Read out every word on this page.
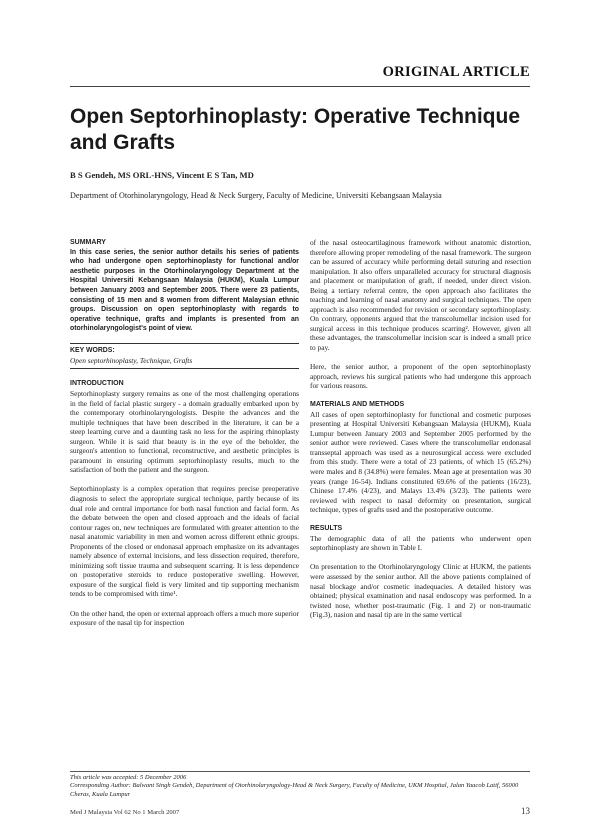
ORIGINAL ARTICLE
Open Septorhinoplasty: Operative Technique and Grafts
B S Gendeh, MS ORL-HNS, Vincent E S Tan, MD
Department of Otorhinolaryngology, Head & Neck Surgery, Faculty of Medicine, Universiti Kebangsaan Malaysia

SUMMARY

In this case series, the senior author details his series of patients who had undergone open septorhinoplasty for functional and/or aesthetic purposes in the Otorhinolaryngology Department at the Hospital Universiti Kebangsaan Malaysia (HUKM), Kuala Lumpur between January 2003 and September 2005. There were 23 patients, consisting of 15 men and 8 women from different Malaysian ethnic groups. Discussion on open septorhinoplasty with regards to operative technique, grafts and implants is presented from an otorhinolaryngologist's point of view.

KEY WORDS:
Open septorhinoplasty, Technique, Grafts

INTRODUCTION

Septorhinoplasty surgery remains as one of the most challenging operations in the field of facial plastic surgery - a domain gradually embarked upon by the contemporary otorhinolaryngologists. Despite the advances and the multiple techniques that have been described in the literature, it can be a steep learning curve and a daunting task no less for the aspiring rhinoplasty surgeon. While it is said that beauty is in the eye of the beholder, the surgeon's attention to functional, reconstructive, and aesthetic principles is paramount in ensuring optimum septorhinoplasty results, much to the satisfaction of both the patient and the surgeon.

Septorhinoplasty is a complex operation that requires precise preoperative diagnosis to select the appropriate surgical technique, partly because of its dual role and central importance for both nasal function and facial form. As the debate between the open and closed approach and the ideals of facial contour rages on, new techniques are formulated with greater attention to the nasal anatomic variability in men and women across different ethnic groups. Proponents of the closed or endonasal approach emphasize on its advantages namely absence of external incisions, and less dissection required, therefore, minimizing soft tissue trauma and subsequent scarring. It is less dependence on postoperative steroids to reduce postoperative swelling. However, exposure of the surgical field is very limited and tip supporting mechanism tends to be compromised with time¹.

On the other hand, the open or external approach offers a much more superior exposure of the nasal tip for inspection

of the nasal osteocartilaginous framework without anatomic distortion, therefore allowing proper remodeling of the nasal framework. The surgeon can be assured of accuracy while performing detail suturing and resection manipulation. It also offers unparalleled accuracy for structural diagnosis and placement or manipulation of graft, if needed, under direct vision. Being a tertiary referral centre, the open approach also facilitates the teaching and learning of nasal anatomy and surgical techniques. The open approach is also recommended for revision or secondary septorhinoplasty. On contrary, opponents argued that the transcolumellar incision used for surgical access in this technique produces scarring². However, given all these advantages, the transcolumellar incision scar is indeed a small price to pay.

Here, the senior author, a proponent of the open septorhinoplasty approach, reviews his surgical patients who had undergone this approach for various reasons.

MATERIALS AND METHODS

All cases of open septorhinoplasty for functional and cosmetic purposes presenting at Hospital Universiti Kebangsaan Malaysia (HUKM), Kuala Lumpur between January 2003 and September 2005 performed by the senior author were reviewed. Cases where the transcolumellar endonasal transseptal approach was used as a neurosurgical access were excluded from this study. There were a total of 23 patients, of which 15 (65.2%) were males and 8 (34.8%) were females. Mean age at presentation was 30 years (range 16-54). Indians constituted 69.6% of the patients (16/23), Chinese 17.4% (4/23), and Malays 13.4% (3/23). The patients were reviewed with respect to nasal deformity on presentation, surgical technique, types of grafts used and the postoperative outcome.

RESULTS

The demographic data of all the patients who underwent open septorhinoplasty are shown in Table I.

On presentation to the Otorhinolaryngology Clinic at HUKM, the patients were assessed by the senior author. All the above patients complained of nasal blockage and/or cosmetic inadequacies. A detailed history was obtained; physical examination and nasal endoscopy was performed. In a twisted nose, whether post-traumatic (Fig. 1 and 2) or non-traumatic (Fig.3), nasion and nasal tip are in the same vertical

This article was accepted: 5 December 2006
Corresponding Author: Balwant Singh Gendeh, Department of Otorhinolaryngology-Head & Neck Surgery, Faculty of Medicine, UKM Hospital, Jalan Yaacob Latif, 56000 Cheras, Kuala Lumpur
Med J Malaysia Vol 62 No 1 March 2007	13
